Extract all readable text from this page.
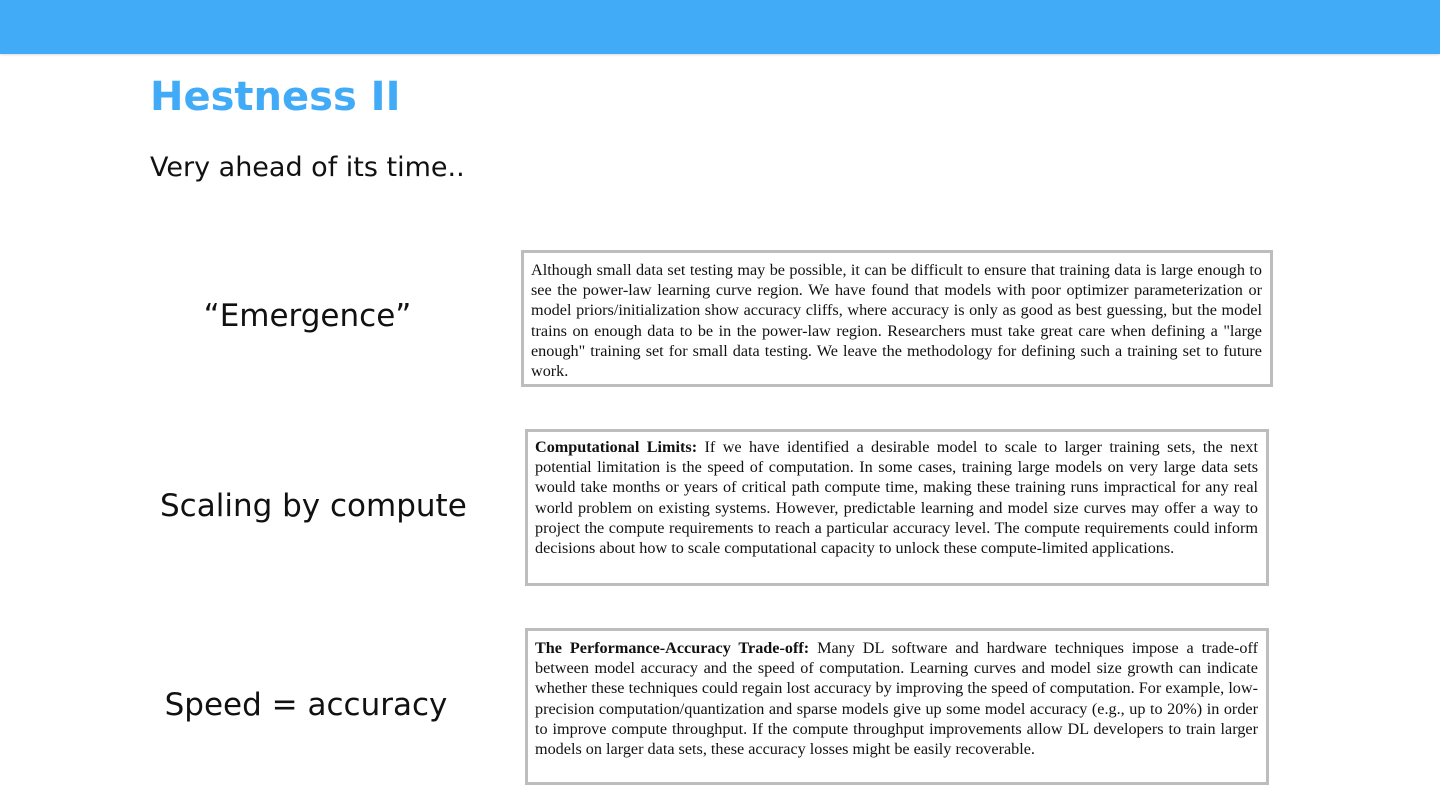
Hestness II
Very ahead of its time..
“Emergence”
Although small data set testing may be possible, it can be difficult to ensure that training data is large enough to see the power-law learning curve region. We have found that models with poor optimizer parameterization or model priors/initialization show accuracy cliffs, where accuracy is only as good as best guessing, but the model trains on enough data to be in the power-law region. Researchers must take great care when defining a "large enough" training set for small data testing. We leave the methodology for defining such a training set to future work.
Scaling by compute
Computational Limits: If we have identified a desirable model to scale to larger training sets, the next potential limitation is the speed of computation. In some cases, training large models on very large data sets would take months or years of critical path compute time, making these training runs impractical for any real world problem on existing systems. However, predictable learning and model size curves may offer a way to project the compute requirements to reach a particular accuracy level. The compute requirements could inform decisions about how to scale computational capacity to unlock these compute-limited applications.
Speed = accuracy
The Performance-Accuracy Trade-off: Many DL software and hardware techniques impose a trade-off between model accuracy and the speed of computation. Learning curves and model size growth can indicate whether these techniques could regain lost accuracy by improving the speed of computation. For example, low-precision computation/quantization and sparse models give up some model accuracy (e.g., up to 20%) in order to improve compute throughput. If the compute throughput improvements allow DL developers to train larger models on larger data sets, these accuracy losses might be easily recoverable.
